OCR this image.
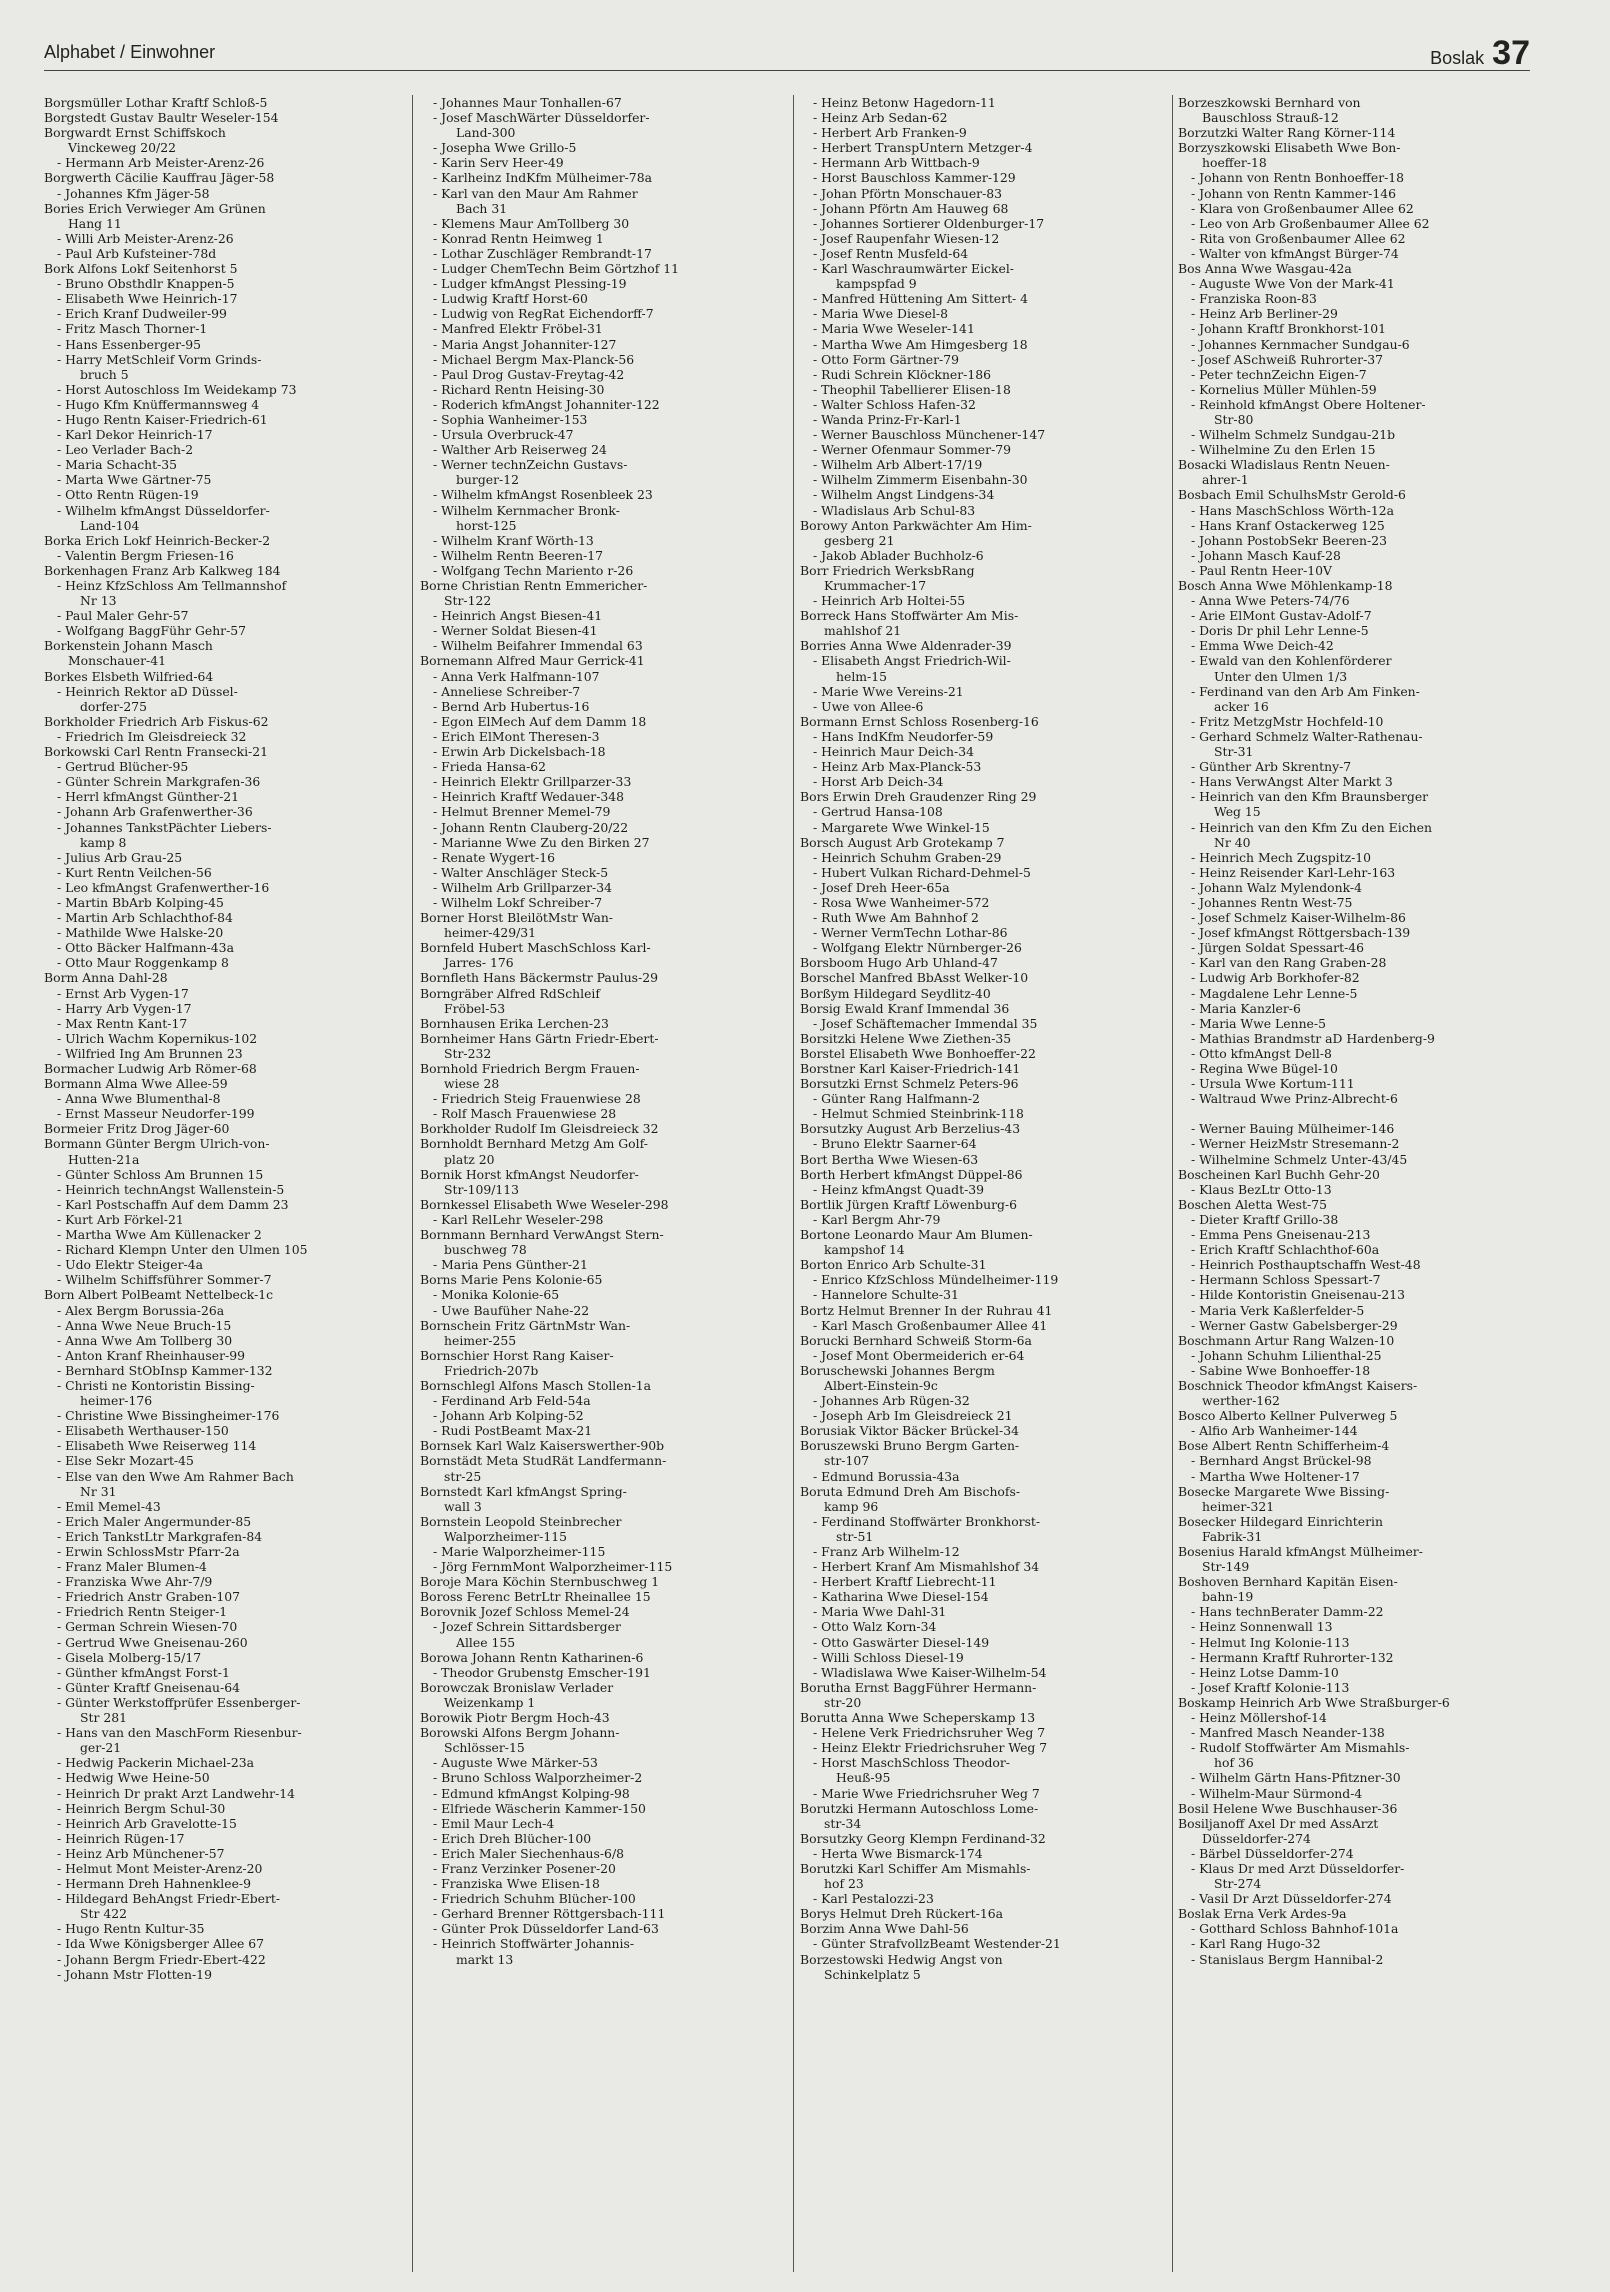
Alphabet / Einwohner	Boslak 37
Borgsmüller Lothar Kraftf Schloß-5
Borgstedt Gustav Baultr Weseler-154
Borgwardt Ernst Schiffskoch
Vinckeweg 20/22
- Hermann Arb Meister-Arenz-26
Borgwerth Cäcilie Kauffrau Jäger-58
- Johannes Kfm Jäger-58
Bories Erich Verwieger Am Grünen
Hang 11
- Willi Arb Meister-Arenz-26
- Paul Arb Kufsteiner-78d
Bork Alfons Lokf Seitenhorst 5
- Bruno Obsthdlr Knappen-5
- Elisabeth Wwe Heinrich-17
- Erich Kranf Dudweiler-99
- Fritz Masch Thorner-1
- Hans Essenberger-95
- Harry MetSchleif Vorm Grinds-
bruch 5
- Horst Autoschloss Im Weidekamp 73
- Hugo Kfm Knüffermannsweg 4
- Hugo Rentn Kaiser-Friedrich-61
- Karl Dekor Heinrich-17
- Leo Verlader Bach-2
- Maria Schacht-35
- Marta Wwe Gärtner-75
- Otto Rentn Rügen-19
- Wilhelm kfmAngst Düsseldorfer-
Land-104
Borka Erich Lokf Heinrich-Becker-2
- Valentin Bergm Friesen-16
Borkenhagen Franz Arb Kalkweg 184
- Heinz KfzSchloss Am Tellmannshof
Nr 13
- Paul Maler Gehr-57
- Wolfgang BaggFühr Gehr-57
Borkenstein Johann Masch
Monschauer-41
Borkes Elsbeth Wilfried-64
- Heinrich Rektor aD Düssel-
dorfer-275
Borkholder Friedrich Arb Fiskus-62
- Friedrich Im Gleisdreieck 32
Borkowski Carl Rentn Fransecki-21
- Gertrud Blücher-95
- Günter Schrein Markgrafen-36
- Herrl kfmAngst Günther-21
- Johann Arb Grafenwerther-36
- Johannes TankstPächter Liebers-
kamp 8
- Julius Arb Grau-25
- Kurt Rentn Veilchen-56
- Leo kfmAngst Grafenwerther-16
- Martin BbArb Kolping-45
- Martin Arb Schlachthof-84
- Mathilde Wwe Halske-20
- Otto Bäcker Halfmann-43a
- Otto Maur Roggenkamp 8
Borm Anna Dahl-28
- Ernst Arb Vygen-17
- Harry Arb Vygen-17
- Max Rentn Kant-17
- Ulrich Wachm Kopernikus-102
- Wilfried Ing Am Brunnen 23
Bormacher Ludwig Arb Römer-68
Bormann Alma Wwe Allee-59
- Anna Wwe Blumenthal-8
- Ernst Masseur Neudorfer-199
Bormeier Fritz Drog Jäger-60
Bormann Günter Bergm Ulrich-von-
Hutten-21a
- Günter Schloss Am Brunnen 15
- Heinrich technAngst Wallenstein-5
- Karl Postschaffn Auf dem Damm 23
- Kurt Arb Förkel-21
- Martha Wwe Am Küllenacker 2
- Richard Klempn Unter den Ulmen 105
- Udo Elektr Steiger-4a
- Wilhelm Schiffsführer Sommer-7
Born Albert PolBeamt Nettelbeck-1c
- Alex Bergm Borussia-26a
- Anna Wwe Neue Bruch-15
- Anna Wwe Am Tollberg 30
- Anton Kranf Rheinhauser-99
- Bernhard StObInsp Kammer-132
- Christi ne Kontoristin Bissing-
heimer-176
- Christine Wwe Bissingheimer-176
- Elisabeth Werthauser-150
- Elisabeth Wwe Reiserweg 114
- Else Sekr Mozart-45
- Else van den Wwe Am Rahmer Bach
Nr 31
- Emil Memel-43
- Erich Maler Angermunder-85
- Erich TankstLtr Markgrafen-84
- Erwin SchlossMstr Pfarr-2a
- Franz Maler Blumen-4
- Franziska Wwe Ahr-7/9
- Friedrich Anstr Graben-107
- Friedrich Rentn Steiger-1
- German Schrein Wiesen-70
- Gertrud Wwe Gneisenau-260
- Gisela Molberg-15/17
- Günther kfmAngst Forst-1
- Günter Kraftf Gneisenau-64
- Günter Werkstoffprüfer Essenberger-
Str 281
- Hans van den MaschForm Riesenbur-
ger-21
- Hedwig Packerin Michael-23a
- Hedwig Wwe Heine-50
- Heinrich Dr prakt Arzt Landwehr-14
- Heinrich Bergm Schul-30
- Heinrich Arb Gravelotte-15
- Heinrich Rügen-17
- Heinz Arb Münchener-57
- Helmut Mont Meister-Arenz-20
- Hermann Dreh Hahnenklee-9
- Hildegard BehAngst Friedr-Ebert-
Str 422
- Hugo Rentn Kultur-35
- Ida Wwe Königsberger Allee 67
- Johann Bergm Friedr-Ebert-422
- Johann Mstr Flotten-19
- Johannes Maur Tonhallen-67
- Josef MaschWärter Düsseldorfer-
Land-300
- Josepha Wwe Grillo-5
- Karin Serv Heer-49
- Karlheinz IndKfm Mülheimer-78a
- Karl van den Maur Am Rahmer
Bach 31
- Klemens Maur AmTollberg 30
- Konrad Rentn Heimweg 1
- Lothar Zuschläger Rembrandt-17
- Ludger ChemTechn Beim Görtzhof 11
- Ludger kfmAngst Plessing-19
- Ludwig Kraftf Horst-60
- Ludwig von RegRat Eichendorff-7
- Manfred Elektr Fröbel-31
- Maria Angst Johanniter-127
- Michael Bergm Max-Planck-56
- Paul Drog Gustav-Freytag-42
- Richard Rentn Heising-30
- Roderich kfmAngst Johanniter-122
- Sophia Wanheimer-153
- Ursula Overbruck-47
- Walther Arb Reiserweg 24
- Werner technZeichn Gustavs-
burger-12
- Wilhelm kfmAngst Rosenbleek 23
- Wilhelm Kernmacher Bronk-
horst-125
- Wilhelm Kranf Wörth-13
- Wilhelm Rentn Beeren-17
- Wolfgang Techn Mariento r-26
Borne Christian Rentn Emmericher-
Str-122
- Heinrich Angst Biesen-41
- Werner Soldat Biesen-41
- Wilhelm Beifahrer Immendal 63
Bornemann Alfred Maur Gerrick-41
- Anna Verk Halfmann-107
- Anneliese Schreiber-7
- Bernd Arb Hubertus-16
- Egon ElMech Auf dem Damm 18
- Erich ElMont Theresen-3
- Erwin Arb Dickelsbach-18
- Frieda Hansa-62
- Heinrich Elektr Grillparzer-33
- Heinrich Kraftf Wedauer-348
- Helmut Brenner Memel-79
- Johann Rentn Clauberg-20/22
- Marianne Wwe Zu den Birken 27
- Renate Wygert-16
- Walter Anschläger Steck-5
- Wilhelm Arb Grillparzer-34
- Wilhelm Lokf Schreiber-7
Borner Horst BleilötMstr Wan-
heimer-429/31
Bornfeld Hubert MaschSchloss Karl-
Jarres- 176
Bornfleth Hans Bäckermstr Paulus-29
Borngräber Alfred RdSchleif
Fröbel-53
Bornhausen Erika Lerchen-23
Bornheimer Hans Gärtn Friedr-Ebert-
Str-232
Bornhold Friedrich Bergm Frauen-
wiese 28
- Friedrich Steig Frauenwiese 28
- Rolf Masch Frauenwiese 28
Borkholder Rudolf Im Gleisdreieck 32
Bornholdt Bernhard Metzg Am Golf-
platz 20
Bornik Horst kfmAngst Neudorfer-
Str-109/113
Bornkessel Elisabeth Wwe Weseler-298
- Karl RelLehr Weseler-298
Bornmann Bernhard VerwAngst Stern-
buschweg 78
- Maria Pens Günther-21
Borns Marie Pens Kolonie-65
- Monika Kolonie-65
- Uwe Baufüher Nahe-22
Bornschein Fritz GärtnMstr Wan-
heimer-255
Bornschier Horst Rang Kaiser-
Friedrich-207b
Bornschlegl Alfons Masch Stollen-1a
- Ferdinand Arb Feld-54a
- Johann Arb Kolping-52
- Rudi PostBeamt Max-21
Bornsek Karl Walz Kaiserswerther-90b
Bornstädt Meta StudRät Landfermann-
str-25
Bornstedt Karl kfmAngst Spring-
wall 3
Bornstein Leopold Steinbrecher
Walporzheimer-115
- Marie Walporzheimer-115
- Jörg FernmMont Walporzheimer-115
Boroje Mara Köchin Sternbuschweg 1
Boross Ferenc BetrLtr Rheinallee 15
Borovnik Jozef Schloss Memel-24
- Jozef Schrein Sittardsberger
Allee 155
Borowa Johann Rentn Katharinen-6
- Theodor Grubenstg Emscher-191
Borowczak Bronislaw Verlader
Weizenkamp 1
Borowik Piotr Bergm Hoch-43
Borowski Alfons Bergm Johann-
Schlösser-15
- Auguste Wwe Märker-53
- Bruno Schloss Walporzheimer-2
- Edmund kfmAngst Kolping-98
- Elfriede Wäscherin Kammer-150
- Emil Maur Lech-4
- Erich Dreh Blücher-100
- Erich Maler Siechenhaus-6/8
- Franz Verzinker Posener-20
- Franziska Wwe Elisen-18
- Friedrich Schuhm Blücher-100
- Gerhard Brenner Röttgersbach-111
- Günter Prok Düsseldorfer Land-63
- Heinrich Stoffwärter Johannis-
markt 13
- Heinz Betonw Hagedorn-11
- Heinz Arb Sedan-62
- Herbert Arb Franken-9
- Herbert TranspUntern Metzger-4
- Hermann Arb Wittbach-9
- Horst Bauschloss Kammer-129
- Johan Pförtn Monschauer-83
- Johann Pförtn Am Hauweg 68
- Johannes Sortierer Oldenburger-17
- Josef Raupenfahr Wiesen-12
- Josef Rentn Musfeld-64
- Karl Waschraumwärter Eickel-
kampspfad 9
- Manfred Hüttening Am Sittert- 4
- Maria Wwe Diesel-8
- Maria Wwe Weseler-141
- Martha Wwe Am Himgesberg 18
- Otto Form Gärtner-79
- Rudi Schrein Klöckner-186
- Theophil Tabellierer Elisen-18
- Walter Schloss Hafen-32
- Wanda Prinz-Fr-Karl-1
- Werner Bauschloss Münchener-147
- Werner Ofenmaur Sommer-79
- Wilhelm Arb Albert-17/19
- Wilhelm Zimmerm Eisenbahn-30
- Wilhelm Angst Lindgens-34
- Wladislaus Arb Schul-83
Borowy Anton Parkwächter Am Him-
gesberg 21
- Jakob Ablader Buchholz-6
Borr Friedrich WerksbRang
Krummacher-17
- Heinrich Arb Holtei-55
Borreck Hans Stoffwärter Am Mis-
mahlshof 21
Borries Anna Wwe Aldenrader-39
- Elisabeth Angst Friedrich-Wil-
helm-15
- Marie Wwe Vereins-21
- Uwe von Allee-6
Bormann Ernst Schloss Rosenberg-16
- Hans IndKfm Neudorfer-59
- Heinrich Maur Deich-34
- Heinz Arb Max-Planck-53
- Horst Arb Deich-34
Bors Erwin Dreh Graudenzer Ring 29
- Gertrud Hansa-108
- Margarete Wwe Winkel-15
Borsch August Arb Grotekamp 7
- Heinrich Schuhm Graben-29
- Hubert Vulkan Richard-Dehmel-5
- Josef Dreh Heer-65a
- Rosa Wwe Wanheimer-572
- Ruth Wwe Am Bahnhof 2
- Werner VermTechn Lothar-86
- Wolfgang Elektr Nürnberger-26
Borsboom Hugo Arb Uhland-47
Borschel Manfred BbAsst Welker-10
Borßym Hildegard Seydlitz-40
Borsig Ewald Kranf Immendal 36
- Josef Schäftemacher Immendal 35
Borsitzki Helene Wwe Ziethen-35
Borstel Elisabeth Wwe Bonhoeffer-22
Borstner Karl Kaiser-Friedrich-141
Borsutzki Ernst Schmelz Peters-96
- Günter Rang Halfmann-2
- Helmut Schmied Steinbrink-118
Borsutzky August Arb Berzelius-43
- Bruno Elektr Saarner-64
Bort Bertha Wwe Wiesen-63
Borth Herbert kfmAngst Düppel-86
- Heinz kfmAngst Quadt-39
Bortlik Jürgen Kraftf Löwenburg-6
- Karl Bergm Ahr-79
Bortone Leonardo Maur Am Blumen-
kampshof 14
Borton Enrico Arb Schulte-31
- Enrico KfzSchloss Mündelheimer-119
- Hannelore Schulte-31
Bortz Helmut Brenner In der Ruhrau 41
- Karl Masch Großenbaumer Allee 41
Borucki Bernhard Schweiß Storm-6a
- Josef Mont Obermeiderich er-64
Boruschewski Johannes Bergm
Albert-Einstein-9c
- Johannes Arb Rügen-32
- Joseph Arb Im Gleisdreieck 21
Borusiak Viktor Bäcker Brückel-34
Boruszewski Bruno Bergm Garten-
str-107
- Edmund Borussia-43a
Boruta Edmund Dreh Am Bischofs-
kamp 96
- Ferdinand Stoffwärter Bronkhorst-
str-51
- Franz Arb Wilhelm-12
- Herbert Kranf Am Mismahlshof 34
- Herbert Kraftf Liebrecht-11
- Katharina Wwe Diesel-154
- Maria Wwe Dahl-31
- Otto Walz Korn-34
- Otto Gaswärter Diesel-149
- Willi Schloss Diesel-19
- Wladislawa Wwe Kaiser-Wilhelm-54
Borutha Ernst BaggFührer Hermann-
str-20
Borutta Anna Wwe Scheperskamp 13
- Helene Verk Friedrichsruher Weg 7
- Heinz Elektr Friedrichsruher Weg 7
- Horst MaschSchloss Theodor-
Heuß-95
- Marie Wwe Friedrichsruher Weg 7
Borutzki Hermann Autoschloss Lome-
str-34
Borsutzky Georg Klempn Ferdinand-32
- Herta Wwe Bismarck-174
Borutzki Karl Schiffer Am Mismahls-
hof 23
- Karl Pestalozzi-23
Borys Helmut Dreh Rückert-16a
Borzim Anna Wwe Dahl-56
- Günter StrafvollzBeamt Westender-21
Borzestowski Hedwig Angst von
Schinkelplatz 5
Borzeszkowski Bernhard von
Bauschloss Strauß-12
Borzutzki Walter Rang Körner-114
Borzyszkowski Elisabeth Wwe Bon-
hoeffer-18
- Johann von Rentn Bonhoeffer-18
- Johann von Rentn Kammer-146
- Klara von Großenbaumer Allee 62
- Leo von Arb Großenbaumer Allee 62
- Rita von Großenbaumer Allee 62
- Walter von kfmAngst Bürger-74
Bos Anna Wwe Wasgau-42a
- Auguste Wwe Von der Mark-41
- Franziska Roon-83
- Heinz Arb Berliner-29
- Johann Kraftf Bronkhorst-101
- Johannes Kernmacher Sundgau-6
- Josef ASchweiß Ruhrorter-37
- Peter technZeichn Eigen-7
- Kornelius Müller Mühlen-59
- Reinhold kfmAngst Obere Holtener-
Str-80
- Wilhelm Schmelz Sundgau-21b
- Wilhelmine Zu den Erlen 15
Bosacki Wladislaus Rentn Neuen-
ahrer-1
Bosbach Emil SchulhsMstr Gerold-6
- Hans MaschSchloss Wörth-12a
- Hans Kranf Ostackerweg 125
- Johann PostobSekr Beeren-23
- Johann Masch Kauf-28
- Paul Rentn Heer-10V
Bosch Anna Wwe Möhlenkamp-18
- Anna Wwe Peters-74/76
- Arie ElMont Gustav-Adolf-7
- Doris Dr phil Lehr Lenne-5
- Emma Wwe Deich-42
- Ewald van den Kohlenförderer
Unter den Ulmen 1/3
- Ferdinand van den Arb Am Finken-
acker 16
- Fritz MetzgMstr Hochfeld-10
- Gerhard Schmelz Walter-Rathenau-
Str-31
- Günther Arb Skrentny-7
- Hans VerwAngst Alter Markt 3
- Heinrich van den Kfm Braunsberger
Weg 15
- Heinrich van den Kfm Zu den Eichen
Nr 40
- Heinrich Mech Zugspitz-10
- Heinz Reisender Karl-Lehr-163
- Johann Walz Mylendonk-4
- Johannes Rentn West-75
- Josef Schmelz Kaiser-Wilhelm-86
- Josef kfmAngst Röttgersbach-139
- Jürgen Soldat Spessart-46
- Karl van den Rang Graben-28
- Ludwig Arb Borkhofer-82
- Magdalene Lehr Lenne-5
- Maria Kanzler-6
- Maria Wwe Lenne-5
- Mathias Brandmstr aD Hardenberg-9
- Otto kfmAngst Dell-8
- Regina Wwe Bügel-10
- Ursula Wwe Kortum-111
- Waltraud Wwe Prinz-Albrecht-6

- Werner Bauing Mülheimer-146
- Werner HeizMstr Stresemann-2
- Wilhelmine Schmelz Unter-43/45
Boscheinen Karl Buchh Gehr-20
- Klaus BezLtr Otto-13
Boschen Aletta West-75
- Dieter Kraftf Grillo-38
- Emma Pens Gneisenau-213
- Erich Kraftf Schlachthof-60a
- Heinrich Posthauptschaffn West-48
- Hermann Schloss Spessart-7
- Hilde Kontoristin Gneisenau-213
- Maria Verk Kaßlerfelder-5
- Werner Gastw Gabelsberger-29
Boschmann Artur Rang Walzen-10
- Johann Schuhm Lilienthal-25
- Sabine Wwe Bonhoeffer-18
Boschnick Theodor kfmAngst Kaisers-
werther-162
Bosco Alberto Kellner Pulverweg 5
- Alfio Arb Wanheimer-144
Bose Albert Rentn Schifferheim-4
- Bernhard Angst Brückel-98
- Martha Wwe Holtener-17
Bosecke Margarete Wwe Bissing-
heimer-321
Bosecker Hildegard Einrichterin
Fabrik-31
Bosenius Harald kfmAngst Mülheimer-
Str-149
Boshoven Bernhard Kapitän Eisen-
bahn-19
- Hans technBerater Damm-22
- Heinz Sonnenwall 13
- Helmut Ing Kolonie-113
- Hermann Kraftf Ruhrorter-132
- Heinz Lotse Damm-10
- Josef Kraftf Kolonie-113
Boskamp Heinrich Arb Wwe Straßburger-6
- Heinz Möllershof-14
- Manfred Masch Neander-138
- Rudolf Stoffwärter Am Mismahls-
hof 36
- Wilhelm Gärtn Hans-Pfitzner-30
- Wilhelm-Maur Sürmond-4
Bosil Helene Wwe Buschhauser-36
Bosiljanoff Axel Dr med AssArzt
Düsseldorfer-274
- Bärbel Düsseldorfer-274
- Klaus Dr med Arzt Düsseldorfer-
Str-274
- Vasil Dr Arzt Düsseldorfer-274
Boslak Erna Verk Ardes-9a
- Gotthard Schloss Bahnhof-101a
- Karl Rang Hugo-32
- Stanislaus Bergm Hannibal-2
